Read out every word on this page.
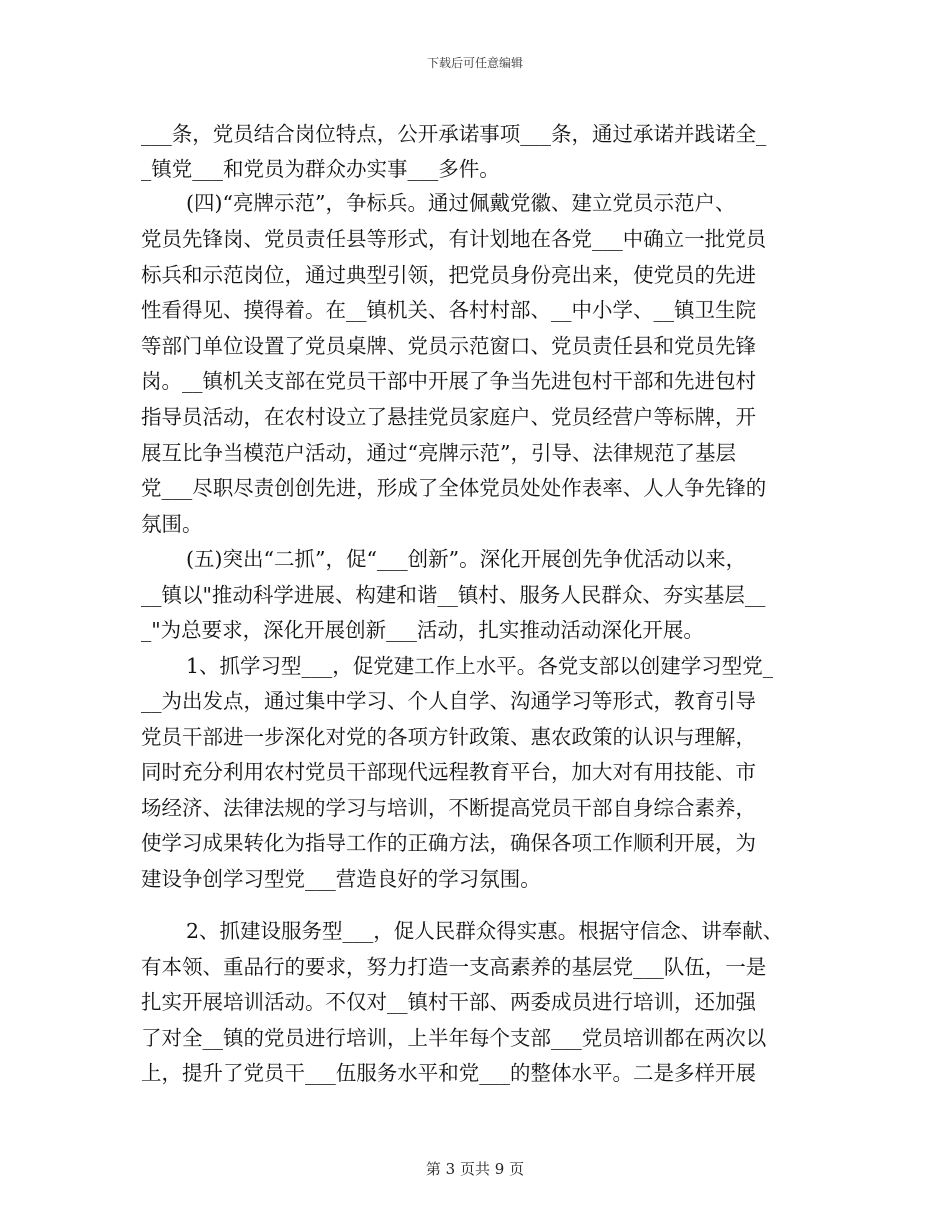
下载后可任意编辑
___条，党员结合岗位特点，公开承诺事项___条，通过承诺并践诺全_
_镇党___和党员为群众办实事___多件。
(四)“亮牌示范”，争标兵。通过佩戴党徽、建立党员示范户、
党员先锋岗、党员责任县等形式，有计划地在各党___中确立一批党员
标兵和示范岗位，通过典型引领，把党员身份亮出来，使党员的先进
性看得见、摸得着。在__镇机关、各村村部、__中小学、__镇卫生院
等部门单位设置了党员桌牌、党员示范窗口、党员责任县和党员先锋
岗。__镇机关支部在党员干部中开展了争当先进包村干部和先进包村
指导员活动，在农村设立了悬挂党员家庭户、党员经营户等标牌，开
展互比争当模范户活动，通过“亮牌示范”，引导、法律规范了基层
党___尽职尽责创创先进，形成了全体党员处处作表率、人人争先锋的
氛围。
(五)突出“二抓”，促“___创新”。深化开展创先争优活动以来，
__镇以"推动科学进展、构建和谐__镇村、服务人民群众、夯实基层__
_"为总要求，深化开展创新___活动，扎实推动活动深化开展。
1、抓学习型___，促党建工作上水平。各党支部以创建学习型党_
__为出发点，通过集中学习、个人自学、沟通学习等形式，教育引导
党员干部进一步深化对党的各项方针政策、惠农政策的认识与理解，
同时充分利用农村党员干部现代远程教育平台，加大对有用技能、市
场经济、法律法规的学习与培训，不断提高党员干部自身综合素养，
使学习成果转化为指导工作的正确方法，确保各项工作顺利开展，为
建设争创学习型党___营造良好的学习氛围。
2、抓建设服务型___，促人民群众得实惠。根据守信念、讲奉献、
有本领、重品行的要求，努力打造一支高素养的基层党___队伍，一是
扎实开展培训活动。不仅对__镇村干部、两委成员进行培训，还加强
了对全__镇的党员进行培训，上半年每个支部___党员培训都在两次以
上，提升了党员干___伍服务水平和党___的整体水平。二是多样开展
第 3 页共 9 页
